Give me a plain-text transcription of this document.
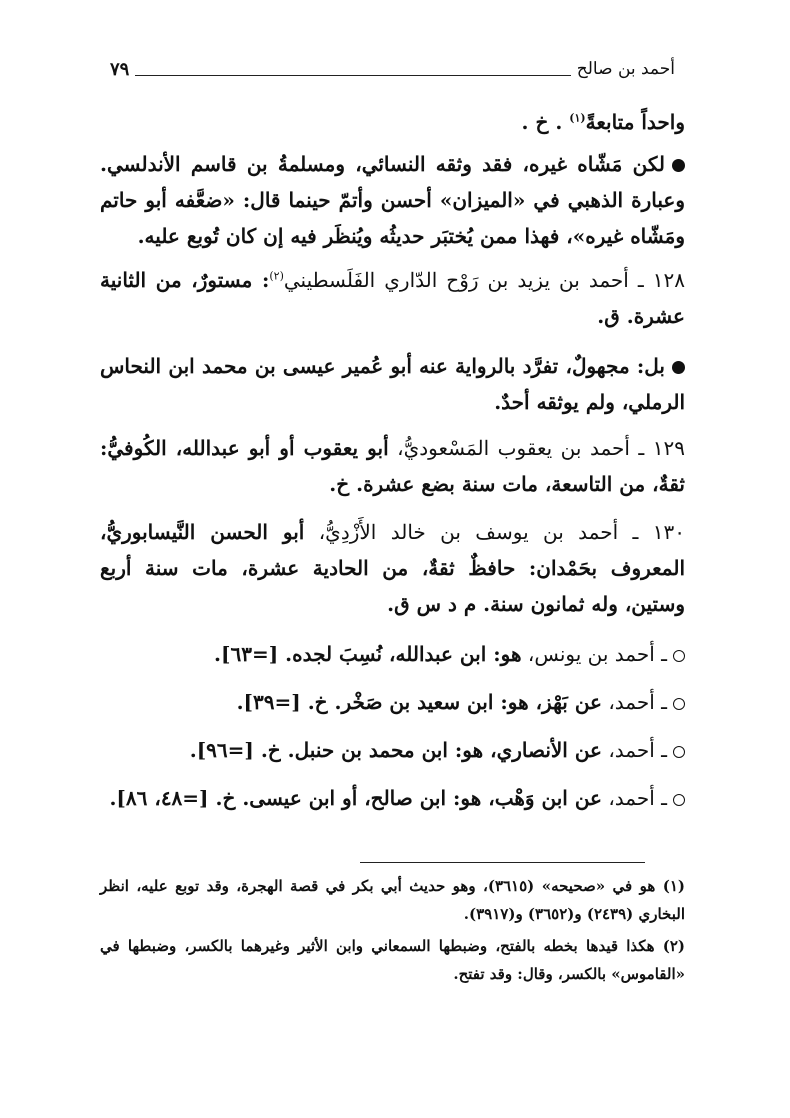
٧٩	أحمد بن صالح

واحداً متابعةً$^{(١)}$ . خ .

لكن مَشّاه غيره، فقد وثقه النسائي، ومسلمةُ بن قاسم الأندلسي. وعبارة الذهبي في «الميزان» أحسن وأتمّ حينما قال: «ضعَّفه أبو حاتم ومَشّاه غيره»، فهذا ممن يُختبَر حديثُه ويُنظَر فيه إن كان تُوبع عليه.

١٢٨ ـ أحمد بن يزيد بن رَوْح الدّاري الفَلَسطيني$^{(٢)}$: مستورٌ، من الثانية عشرة. ق.

بل: مجهولٌ، تفرَّد بالرواية عنه أبو عُمير عيسى بن محمد ابن النحاس الرملي، ولم يوثقه أحدٌ.

١٢٩ ـ أحمد بن يعقوب المَسْعوديُّ، أبو يعقوب أو أبو عبدالله، الكُوفيُّ: ثقةٌ، من التاسعة، مات سنة بضع عشرة. خ.

١٣٠ ـ أحمد بن يوسف بن خالد الأَزْدِيُّ، أبو الحسن النَّيسابوريُّ، المعروف بحَمْدان: حافظٌ ثقةٌ، من الحادية عشرة، مات سنة أربع وستين، وله ثمانون سنة. م د س ق.

ـ أحمد بن يونس، هو: ابن عبدالله، نُسِبَ لجده. [=٦٣].

ـ أحمد، عن بَهْز، هو: ابن سعيد بن صَخْر. خ. [=٣٩].

ـ أحمد، عن الأنصاري، هو: ابن محمد بن حنبل. خ. [=٩٦].

ـ أحمد، عن ابن وَهْب، هو: ابن صالح، أو ابن عيسى. خ. [=٤٨، ٨٦].

(١) هو في «صحيحه» (٣٦١٥)، وهو حديث أبي بكر في قصة الهجرة، وقد توبع عليه، انظر البخاري (٢٤٣٩) و(٣٦٥٢) و(٣٩١٧).

(٢) هكذا قيدها بخطه بالفتح، وضبطها السمعاني وابن الأثير وغيرهما بالكسر، وضبطها في «القاموس» بالكسر، وقال: وقد تفتح.
